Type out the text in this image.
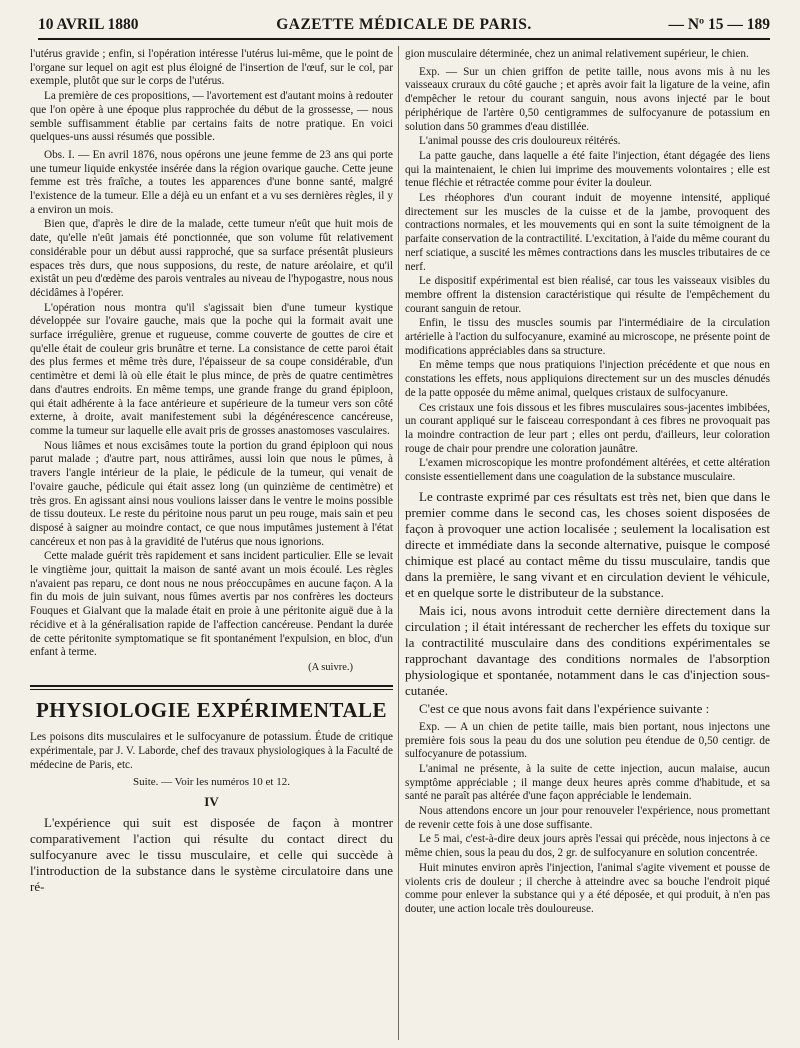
10 AVRIL 1880	GAZETTE MÉDICALE DE PARIS.	— Nº 15 — 189

l'utérus gravide ; enfin, si l'opération intéresse l'utérus lui-même, que le point de l'organe sur lequel on agit est plus éloigné de l'insertion de l'œuf, sur le col, par exemple, plutôt que sur le corps de l'utérus.

La première de ces propositions, — l'avortement est d'autant moins à redouter que l'on opère à une époque plus rapprochée du début de la grossesse, — nous semble suffisamment établie par certains faits de notre pratique. En voici quelques-uns aussi résumés que possible.

Obs. I. — En avril 1876, nous opérons une jeune femme de 23 ans qui porte une tumeur liquide enkystée insérée dans la région ovarique gauche. Cette jeune femme est très fraîche, a toutes les apparences d'une bonne santé, malgré l'existence de la tumeur. Elle a déjà eu un enfant et a vu ses dernières règles, il y a environ un mois.

Bien que, d'après le dire de la malade, cette tumeur n'eût que huit mois de date, qu'elle n'eût jamais été ponctionnée, que son volume fût relativement considérable pour un début aussi rapproché, que sa surface présentât plusieurs espaces très durs, que nous supposions, du reste, de nature aréolaire, et qu'il existât un peu d'œdème des parois ventrales au niveau de l'hypogastre, nous nous décidâmes à l'opérer.

L'opération nous montra qu'il s'agissait bien d'une tumeur kystique développée sur l'ovaire gauche, mais que la poche qui la formait avait une surface irrégulière, grenue et rugueuse, comme couverte de gouttes de cire et qu'elle était de couleur gris brunâtre et terne. La consistance de cette paroi était des plus fermes et même très dure, l'épaisseur de sa coupe considérable, d'un centimètre et demi là où elle était le plus mince, de près de quatre centimètres dans d'autres endroits. En même temps, une grande frange du grand épiploon, qui était adhérente à la face antérieure et supérieure de la tumeur vers son côté externe, à droite, avait manifestement subi la dégénérescence cancéreuse, comme la tumeur sur laquelle elle avait pris de grosses anastomoses vasculaires.

Nous liâmes et nous excisâmes toute la portion du grand épiploon qui nous parut malade ; d'autre part, nous attirâmes, aussi loin que nous le pûmes, à travers l'angle intérieur de la plaie, le pédicule de la tumeur, qui venait de l'ovaire gauche, pédicule qui était assez long (un quinzième de centimètre) et très gros. En agissant ainsi nous voulions laisser dans le ventre le moins possible de tissu douteux. Le reste du péritoine nous parut un peu rouge, mais sain et peu disposé à saigner au moindre contact, ce que nous imputâmes justement à l'état cancéreux et non pas à la gravidité de l'utérus que nous ignorions.

Cette malade guérit très rapidement et sans incident particulier. Elle se levait le vingtième jour, quittait la maison de santé avant un mois écoulé. Les règles n'avaient pas reparu, ce dont nous ne nous préoccupâmes en aucune façon. A la fin du mois de juin suivant, nous fûmes avertis par nos confrères les docteurs Fouques et Gialvant que la malade était en proie à une péritonite aiguë due à la récidive et à la généralisation rapide de l'affection cancéreuse. Pendant la durée de cette péritonite symptomatique se fit spontanément l'expulsion, en bloc, d'un enfant à terme.

(A suivre.)
PHYSIOLOGIE EXPÉRIMENTALE
Les poisons dits musculaires et le sulfocyanure de potassium. Étude de critique expérimentale, par J. V. Laborde, chef des travaux physiologiques à la Faculté de médecine de Paris, etc.
Suite. — Voir les numéros 10 et 12.
IV

L'expérience qui suit est disposée de façon à montrer comparativement l'action qui résulte du contact direct du sulfocyanure avec le tissu musculaire, et celle qui succède à l'introduction de la substance dans le système circulatoire dans une ré-

gion musculaire déterminée, chez un animal relativement supérieur, le chien.

Exp. — Sur un chien griffon de petite taille, nous avons mis à nu les vaisseaux cruraux du côté gauche ; et après avoir fait la ligature de la veine, afin d'empêcher le retour du courant sanguin, nous avons injecté par le bout périphérique de l'artère 0,50 centigrammes de sulfocyanure de potassium en solution dans 50 grammes d'eau distillée.

L'animal pousse des cris douloureux réitérés.

La patte gauche, dans laquelle a été faite l'injection, étant dégagée des liens qui la maintenaient, le chien lui imprime des mouvements volontaires ; elle est tenue fléchie et rétractée comme pour éviter la douleur.

Les rhéophores d'un courant induit de moyenne intensité, appliqué directement sur les muscles de la cuisse et de la jambe, provoquent des contractions normales, et les mouvements qui en sont la suite témoignent de la parfaite conservation de la contractilité. L'excitation, à l'aide du même courant du nerf sciatique, a suscité les mêmes contractions dans les muscles tributaires de ce nerf.

Le dispositif expérimental est bien réalisé, car tous les vaisseaux visibles du membre offrent la distension caractéristique qui résulte de l'empêchement du courant sanguin de retour.

Enfin, le tissu des muscles soumis par l'intermédiaire de la circulation artérielle à l'action du sulfocyanure, examiné au microscope, ne présente point de modifications appréciables dans sa structure.

En même temps que nous pratiquions l'injection précédente et que nous en constations les effets, nous appliquions directement sur un des muscles dénudés de la patte opposée du même animal, quelques cristaux de sulfocyanure.

Ces cristaux une fois dissous et les fibres musculaires sous-jacentes imbibées, un courant appliqué sur le faisceau correspondant à ces fibres ne provoquait pas la moindre contraction de leur part ; elles ont perdu, d'ailleurs, leur coloration rouge de chair pour prendre une coloration jaunâtre.

L'examen microscopique les montre profondément altérées, et cette altération consiste essentiellement dans une coagulation de la substance musculaire.

Le contraste exprimé par ces résultats est très net, bien que dans le premier comme dans le second cas, les choses soient disposées de façon à provoquer une action localisée ; seulement la localisation est directe et immédiate dans la seconde alternative, puisque le composé chimique est placé au contact même du tissu musculaire, tandis que dans la première, le sang vivant et en circulation devient le véhicule, et en quelque sorte le distributeur de la substance.

Mais ici, nous avons introduit cette dernière directement dans la circulation ; il était intéressant de rechercher les effets du toxique sur la contractilité musculaire dans des conditions expérimentales se rapprochant davantage des conditions normales de l'absorption physiologique et spontanée, notamment dans le cas d'injection sous-cutanée.

C'est ce que nous avons fait dans l'expérience suivante :

Exp. — A un chien de petite taille, mais bien portant, nous injectons une première fois sous la peau du dos une solution peu étendue de 0,50 centigr. de sulfocyanure de potassium.

L'animal ne présente, à la suite de cette injection, aucun malaise, aucun symptôme appréciable ; il mange deux heures après comme d'habitude, et sa santé ne paraît pas altérée d'une façon appréciable le lendemain.

Nous attendons encore un jour pour renouveler l'expérience, nous promettant de revenir cette fois à une dose suffisante.

Le 5 mai, c'est-à-dire deux jours après l'essai qui précède, nous injectons à ce même chien, sous la peau du dos, 2 gr. de sulfocyanure en solution concentrée.

Huit minutes environ après l'injection, l'animal s'agite vivement et pousse de violents cris de douleur ; il cherche à atteindre avec sa bouche l'endroit piqué comme pour enlever la substance qui y a été déposée, et qui produit, à n'en pas douter, une action locale très douloureuse.
